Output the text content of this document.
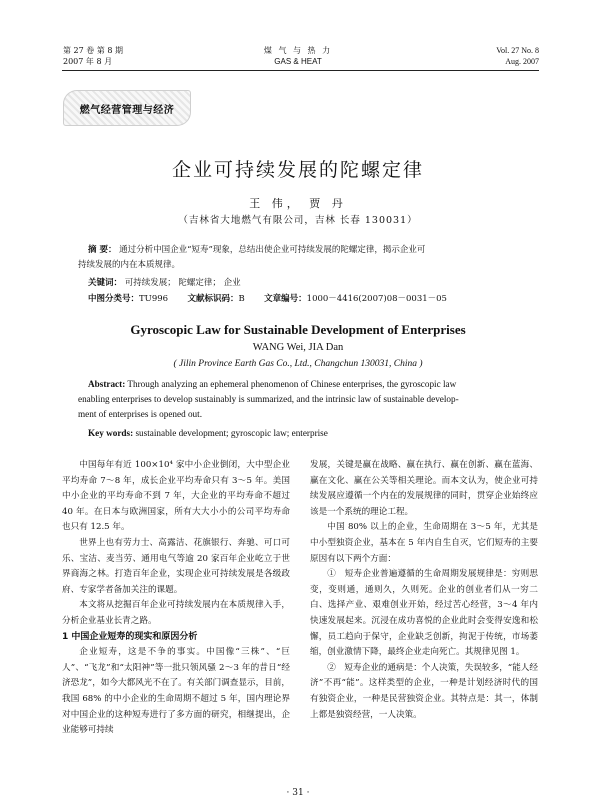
第 27 卷 第 8 期
2007 年 8 月
煤 气 与 热 力
GAS & HEAT
Vol. 27 No. 8
Aug. 2007
燃气经营管理与经济
企业可持续发展的陀螺定律
王 伟， 贾 丹
（吉林省大地燃气有限公司，吉林 长春 130031）
摘 要： 通过分析中国企业“短寿”现象，总结出使企业可持续发展的陀螺定律，揭示企业可
持续发展的内在本质规律。
关键词： 可持续发展； 陀螺定律； 企业
中图分类号：TU996 文献标识码：B 文章编号：1000－4416(2007)08－0031－05
Gyroscopic Law for Sustainable Development of Enterprises
WANG Wei, JIA Dan
( Jilin Province Earth Gas Co., Ltd., Changchun 130031, China )
Abstract: Through analyzing an ephemeral phenomenon of Chinese enterprises, the gyroscopic law
enabling enterprises to develop sustainably is summarized, and the intrinsic law of sustainable develop-
ment of enterprises is opened out.
Key words: sustainable development; gyroscopic law; enterprise

中国每年有近 100×10⁴ 家中小企业倒闭，大中型企业平均寿命 7～8 年，成长企业平均寿命只有 3～5 年。美国中小企业的平均寿命不到 7 年，大企业的平均寿命不超过 40 年。在日本与欧洲国家，所有大大小小的公司平均寿命也只有 12.5 年。

世界上也有劳力士、高露洁、花旗银行、奔驰、可口可乐、宝洁、麦当劳、通用电气等逾 20 家百年企业屹立于世界商海之林。打造百年企业，实现企业可持续发展是各级政府、专家学者备加关注的课题。

本文将从挖掘百年企业可持续发展内在本质规律入手，分析企业基业长青之路。

1 中国企业短寿的现实和原因分析

企业短寿，这是不争的事实。中国像“三株”、“巨人”、“飞龙”和“太阳神”等一批只领风骚 2～3 年的昔日“经济恐龙”，如今大都风光不在了。有关部门调查显示，目前，我国 68% 的中小企业的生命周期不超过 5 年，国内理论界对中国企业的这种短寿进行了多方面的研究，相继提出，企业能够可持续

发展，关键是赢在战略、赢在执行、赢在创新、赢在蓝海、赢在文化、赢在公关等相关理论。而本文认为，使企业可持续发展应遵循一个内在的发展规律的同时，贯穿企业始终应该是一个系统的理论工程。

中国 80% 以上的企业，生命周期在 3～5 年，尤其是中小型独资企业，基本在 5 年内自生自灭，它们短寿的主要原因有以下两个方面：

①　短寿企业普遍遵循的生命周期发展规律是：穷则思变，变则通，通则久，久则死。企业的创业者们从一穷二白、选择产业、艰难创业开始，经过苦心经营，3～4 年内快速发展起来。沉浸在成功喜悦的企业此时会变得安逸和松懈，员工趋向于保守，企业缺乏创新，拘泥于传统，市场萎缩，创业激情下降，最终企业走向死亡。其规律见图 1。

②　短寿企业的通病是：个人决策，失误较多，“能人经济”不再“能”。这样类型的企业，一种是计划经济时代的国有独资企业，一种是民营独资企业。其特点是：其一，体制上都是独资经营，一人决策。

· 31 ·
